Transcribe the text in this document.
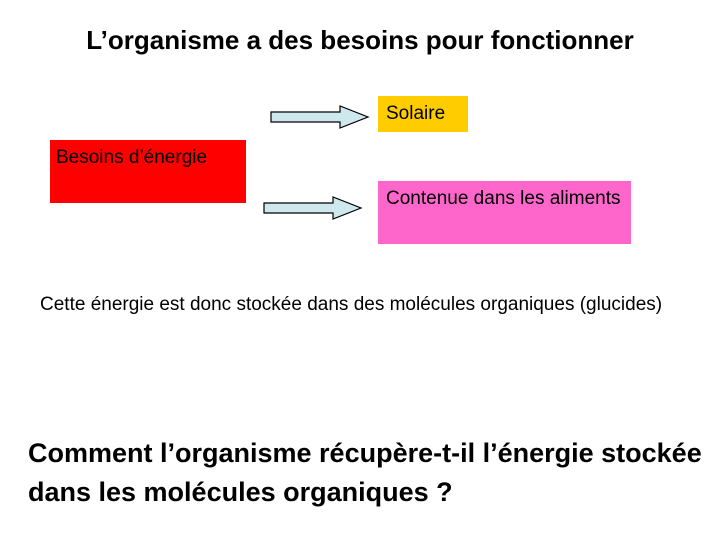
L’organisme a des besoins pour fonctionner
Besoins d’énergie
Solaire
Contenue dans les aliments
Cette énergie est donc stockée dans des molécules organiques (glucides)
Comment l’organisme récupère-t-il l’énergie stockée dans les molécules organiques ?
